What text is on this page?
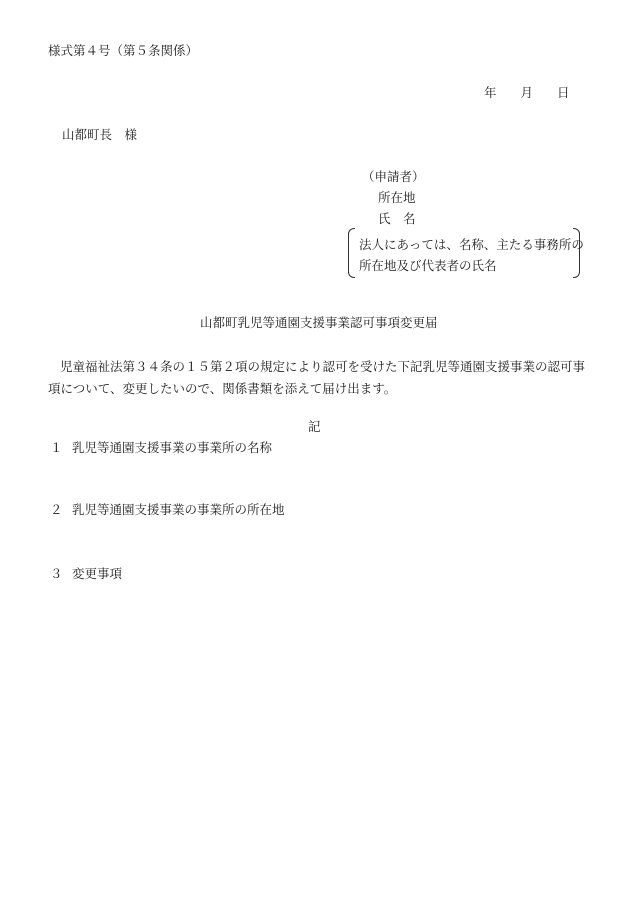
様式第４号（第５条関係）
年 月 日
山都町長　様
（申請者）
所在地
氏　名
法人にあっては、名称、主たる事務所の
所在地及び代表者の氏名
山都町乳児等通園支援事業認可事項変更届
児童福祉法第３４条の１５第２項の規定により認可を受けた下記乳児等通園支援事業の認可事項について、変更したいので、関係書類を添えて届け出ます。
記
１ 乳児等通園支援事業の事業所の名称
２ 乳児等通園支援事業の事業所の所在地
３ 変更事項
